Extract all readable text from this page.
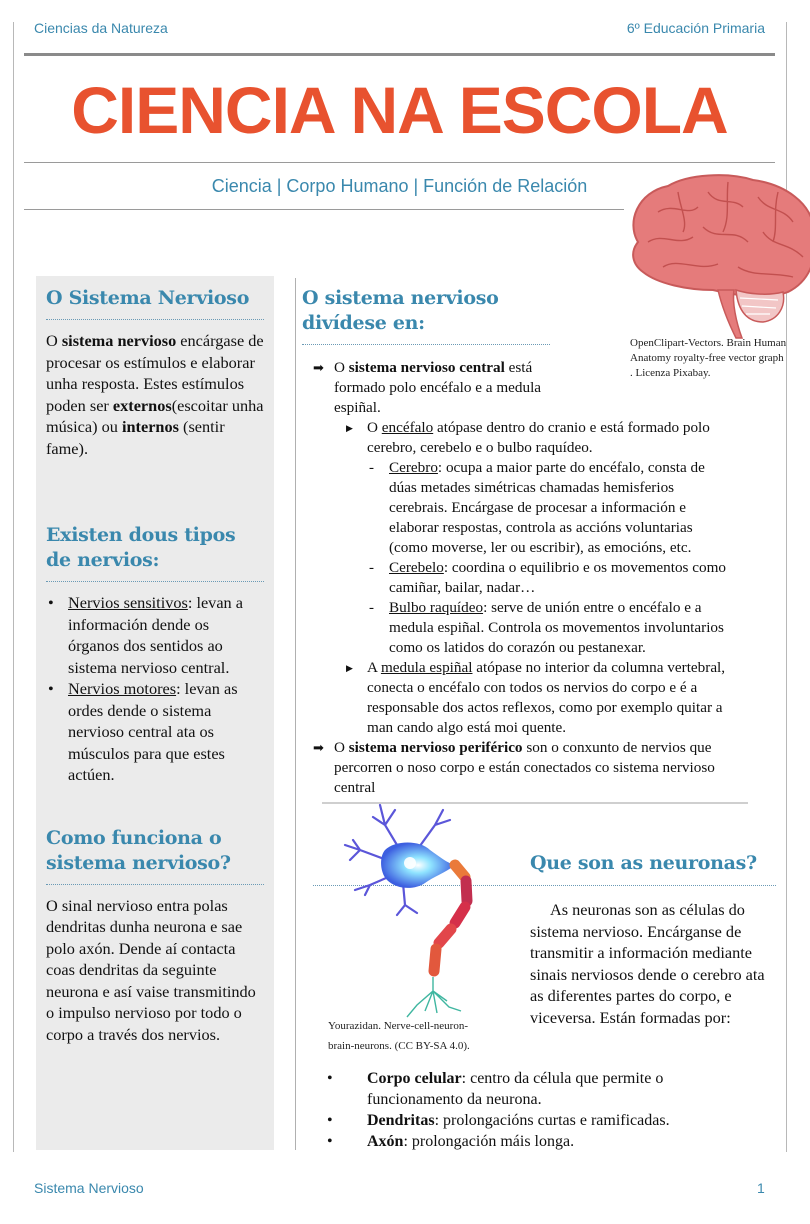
Ciencias da Natureza	6º Educación Primaria
CIENCIA NA ESCOLA
Ciencia | Corpo Humano | Función de Relación
OpenClipart-Vectors. Brain Human
Anatomy royalty-free vector graph
. Licenza Pixabay.
O Sistema Nervioso

O sistema nervioso encárgase de procesar os estímulos e elaborar unha resposta. Estes estímulos poden ser externos(escoitar unha música) ou internos (sentir fame).

Existen dous tipos de nervios:
• Nervios sensitivos: levan a información dende os órganos dos sentidos ao sistema nervioso central.
• Nervios motores: levan as ordes dende o sistema nervioso central ata os músculos para que estes actúen.
Como funciona o sistema nervioso?

O sinal nervioso entra polas dendritas dunha neurona e sae polo axón. Dende aí contacta coas dendritas da seguinte neurona e así vaise transmitindo o impulso nervioso por todo o corpo a través dos nervios.

O sistema nervioso divídese en:
➡ O sistema nervioso central está
formado polo encéfalo e a medula
espiñal.
▶ O encéfalo atópase dentro do cranio e está formado polo
cerebro, cerebelo e o bulbo raquídeo.
- Cerebro: ocupa a maior parte do encéfalo, consta de
dúas metades simétricas chamadas hemisferios
cerebrais. Encárgase de procesar a información e
elaborar respostas, controla as accións voluntarias
(como moverse, ler ou escribir), as emocións, etc.
- Cerebelo: coordina o equilibrio e os movementos como
camiñar, bailar, nadar…
- Bulbo raquídeo: serve de unión entre o encéfalo e a
medula espiñal. Controla os movementos involuntarios
como os latidos do corazón ou pestanexar.
▶ A medula espiñal atópase no interior da columna vertebral,
conecta o encéfalo con todos os nervios do corpo e é a
responsable dos actos reflexos, como por exemplo quitar a
man cando algo está moi quente.
➡ O sistema nervioso periférico son o conxunto de nervios que
percorren o noso corpo e están conectados co sistema nervioso
central
Yourazidan. Nerve-cell-neuron-
brain-neurons. (CC BY-SA 4.0).
Que son as neuronas?

As neuronas son as células do sistema nervioso. Encárganse de transmitir a información mediante sinais nerviosos dende o cerebro ata as diferentes partes do corpo, e viceversa. Están formadas por:

• Corpo celular: centro da célula que permite o funcionamento da neurona.
• Dendritas: prolongacións curtas e ramificadas.
• Axón: prolongación máis longa.
Sistema Nervioso	1
